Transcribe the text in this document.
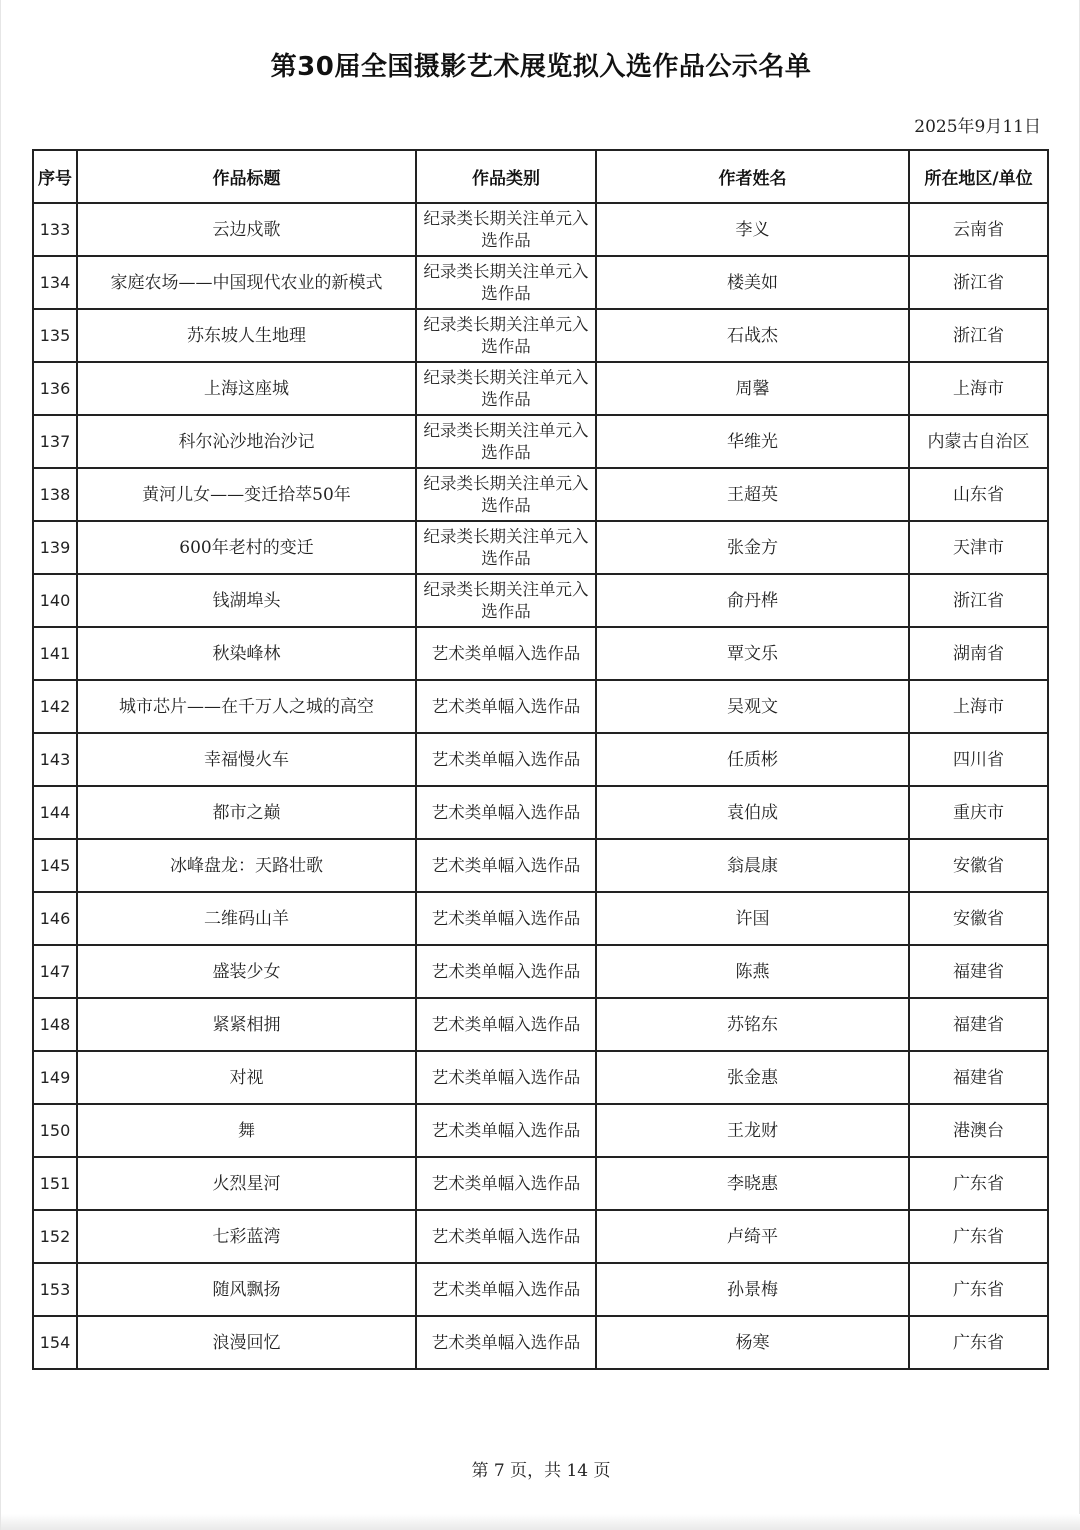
第30届全国摄影艺术展览拟入选作品公示名单
2025年9月11日
序号	作品标题	作品类别	作者姓名	所在地区/单位
133	云边戍歌	纪录类长期关注单元入选作品	李义	云南省
134	家庭农场——中国现代农业的新模式	纪录类长期关注单元入选作品	楼美如	浙江省
135	苏东坡人生地理	纪录类长期关注单元入选作品	石战杰	浙江省
136	上海这座城	纪录类长期关注单元入选作品	周馨	上海市
137	科尔沁沙地治沙记	纪录类长期关注单元入选作品	华维光	内蒙古自治区
138	黄河儿女——变迁拾萃50年	纪录类长期关注单元入选作品	王超英	山东省
139	600年老村的变迁	纪录类长期关注单元入选作品	张金方	天津市
140	钱湖埠头	纪录类长期关注单元入选作品	俞丹桦	浙江省
141	秋染峰林	艺术类单幅入选作品	覃文乐	湖南省
142	城市芯片——在千万人之城的高空	艺术类单幅入选作品	吴观文	上海市
143	幸福慢火车	艺术类单幅入选作品	任质彬	四川省
144	都市之巅	艺术类单幅入选作品	袁伯成	重庆市
145	冰峰盘龙：天路壮歌	艺术类单幅入选作品	翁晨康	安徽省
146	二维码山羊	艺术类单幅入选作品	许国	安徽省
147	盛装少女	艺术类单幅入选作品	陈燕	福建省
148	紧紧相拥	艺术类单幅入选作品	苏铭东	福建省
149	对视	艺术类单幅入选作品	张金惠	福建省
150	舞	艺术类单幅入选作品	王龙财	港澳台
151	火烈星河	艺术类单幅入选作品	李晓惠	广东省
152	七彩蓝湾	艺术类单幅入选作品	卢绮平	广东省
153	随风飘扬	艺术类单幅入选作品	孙景梅	广东省
154	浪漫回忆	艺术类单幅入选作品	杨寒	广东省
第 7 页，共 14 页
